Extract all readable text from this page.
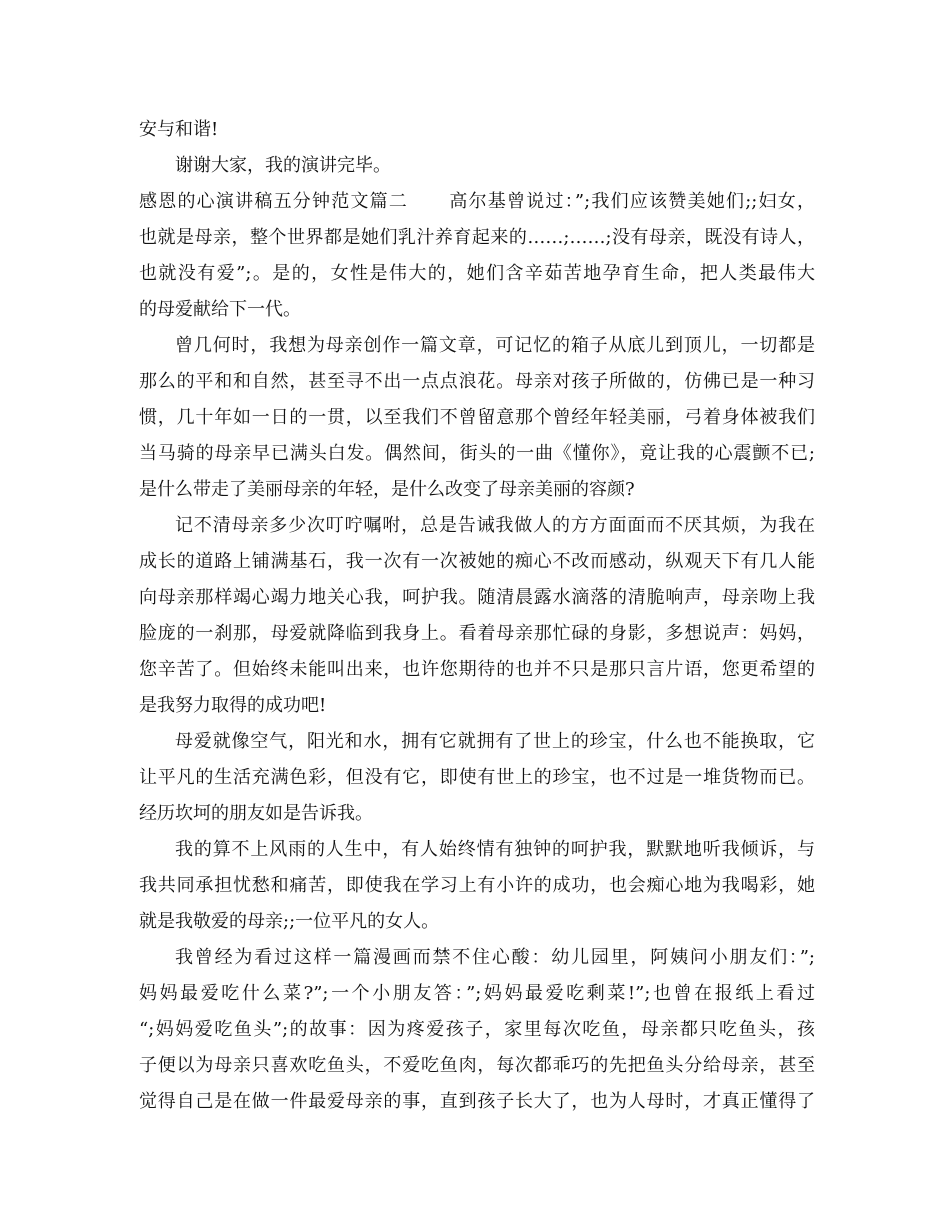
安与和谐!
谢谢大家，我的演讲完毕。
感恩的心演讲稿五分钟范文篇二 高尔基曾说过：”;我们应该赞美她们;;妇女，
也就是母亲，整个世界都是她们乳汁养育起来的……;……;没有母亲，既没有诗人，
也就没有爱”;。是的，女性是伟大的，她们含辛茹苦地孕育生命，把人类最伟大
的母爱献给下一代。
曾几何时，我想为母亲创作一篇文章，可记忆的箱子从底儿到顶儿，一切都是
那么的平和和自然，甚至寻不出一点点浪花。母亲对孩子所做的，仿佛已是一种习
惯，几十年如一日的一贯，以至我们不曾留意那个曾经年轻美丽，弓着身体被我们
当马骑的母亲早已满头白发。偶然间，街头的一曲《懂你》，竟让我的心震颤不已;
是什么带走了美丽母亲的年轻，是什么改变了母亲美丽的容颜?
记不清母亲多少次叮咛嘱咐，总是告诫我做人的方方面面而不厌其烦，为我在
成长的道路上铺满基石，我一次有一次被她的痴心不改而感动，纵观天下有几人能
向母亲那样竭心竭力地关心我，呵护我。随清晨露水滴落的清脆响声，母亲吻上我
脸庞的一刹那，母爱就降临到我身上。看着母亲那忙碌的身影，多想说声：妈妈，
您辛苦了。但始终未能叫出来，也许您期待的也并不只是那只言片语，您更希望的
是我努力取得的成功吧!
母爱就像空气，阳光和水，拥有它就拥有了世上的珍宝，什么也不能换取，它
让平凡的生活充满色彩，但没有它，即使有世上的珍宝，也不过是一堆货物而已。
经历坎坷的朋友如是告诉我。
我的算不上风雨的人生中，有人始终情有独钟的呵护我，默默地听我倾诉，与
我共同承担忧愁和痛苦，即使我在学习上有小许的成功，也会痴心地为我喝彩，她
就是我敬爱的母亲;;一位平凡的女人。
我曾经为看过这样一篇漫画而禁不住心酸：幼儿园里，阿姨问小朋友们：”;
妈妈最爱吃什么菜?”;一个小朋友答：”;妈妈最爱吃剩菜!”;也曾在报纸上看过
“;妈妈爱吃鱼头”;的故事：因为疼爱孩子，家里每次吃鱼，母亲都只吃鱼头，孩
子便以为母亲只喜欢吃鱼头，不爱吃鱼肉，每次都乖巧的先把鱼头分给母亲，甚至
觉得自己是在做一件最爱母亲的事，直到孩子长大了，也为人母时，才真正懂得了
